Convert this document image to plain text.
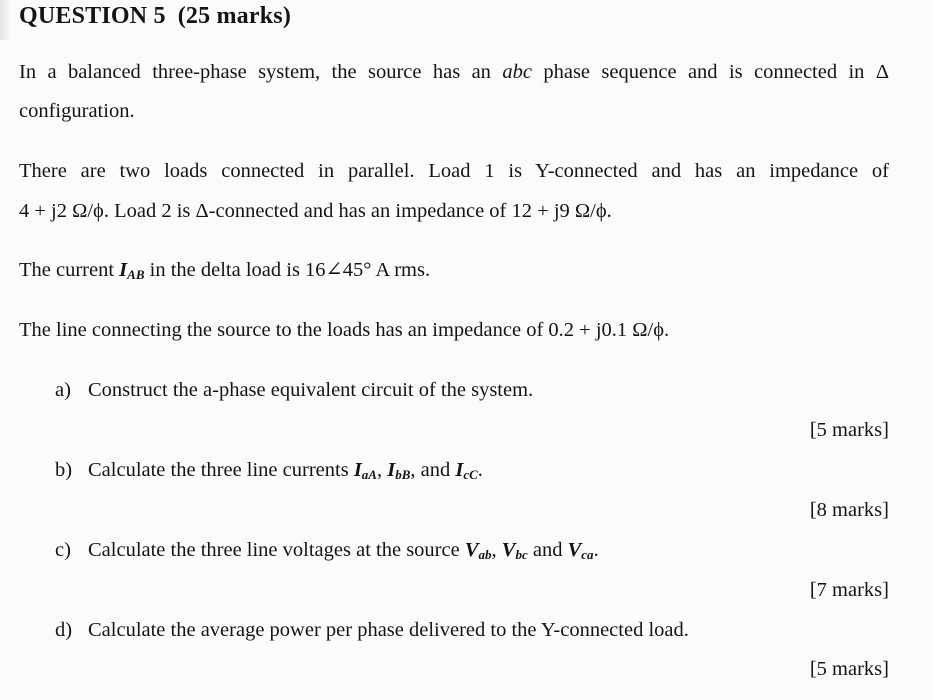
QUESTION 5 (25 marks)
In a balanced three-phase system, the source has an abc phase sequence and is connected in Δ
configuration.
There are two loads connected in parallel. Load 1 is Y-connected and has an impedance of
4 + j2 Ω/ϕ. Load 2 is Δ-connected and has an impedance of 12 + j9 Ω/ϕ.
The current $I_{AB}$ in the delta load is 16∠45° A rms.
The line connecting the source to the loads has an impedance of 0.2 + j0.1 Ω/ϕ.
a) Construct the a-phase equivalent circuit of the system.
[5 marks]
b) Calculate the three line currents $I_{aA}$, $I_{bB}$, and $I_{cC}$.
[8 marks]
c) Calculate the three line voltages at the source $V_{ab}$, $V_{bc}$ and $V_{ca}$.
[7 marks]
d) Calculate the average power per phase delivered to the Y-connected load.
[5 marks]
